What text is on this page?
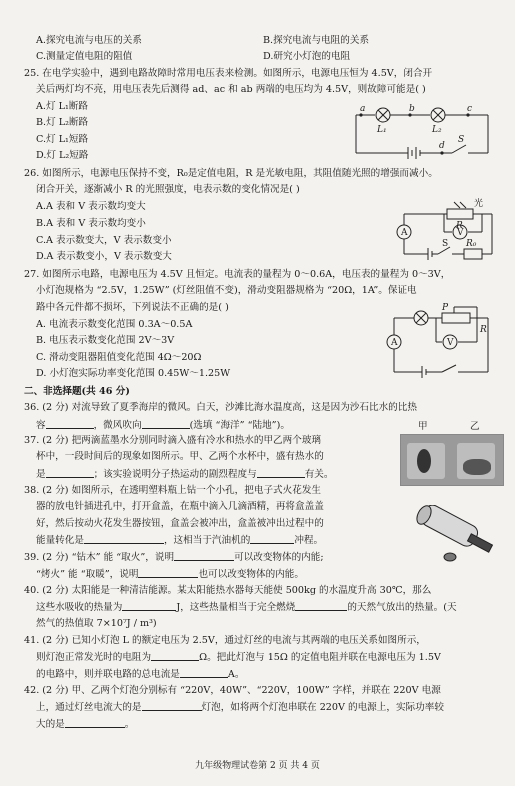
A.探究电流与电压的关系	B.探究电流与电阻的关系
C.测量定值电阻的阻值	D.研究小灯泡的电阻
25. 在电学实验中，遇到电路故障时常用电压表来检测。如图所示，电源电压恒为 4.5V，闭合开
关后两灯均不亮，用电压表先后测得 ad、ac 和 ab 两端的电压均为 4.5V，则故障可能是( )
A.灯 L₁断路
B.灯 L₂断路
C.灯 L₁短路
D.灯 L₂短路
a	b	c
d
S
L₁	L₂
26. 如图所示，电源电压保持不变，R₀是定值电阻，R 是光敏电阻，其阻值随光照的增强而减小。
闭合开关，逐渐减小 R 的光照强度，电表示数的变化情况是( )
A.A 表和 V 表示数均变大
B.A 表和 V 表示数均变小
C.A 表示数变大，V 表示数变小
D.A 表示数变小，V 表示数变大
光
R
A	V
S R₀
27. 如图所示电路，电源电压为 4.5V 且恒定。电流表的量程为 0～0.6A，电压表的量程为 0～3V，
小灯泡规格为 “2.5V，1.25W” (灯丝阻值不变)，滑动变阻器规格为 “20Ω，1A”。保证电
路中各元件都不损坏，下列说法不正确的是( )
A. 电流表示数变化范围 0.3A～0.5A
B. 电压表示数变化范围 2V～3V
C. 滑动变阻器阻值变化范围 4Ω～20Ω
D. 小灯泡实际功率变化范围 0.45W～1.25W
P
R
A	V
二、非选择题(共 46 分)
36. (2 分) 对流导致了夏季海岸的微风。白天，沙滩比海水温度高，这是因为沙石比水的比热
容	，微风吹向	(选填 “海洋” “陆地”)。
37. (2 分) 把两滴蓝墨水分别同时滴入盛有冷水和热水的甲乙两个玻璃
杯中，一段时间后的现象如图所示。甲、乙两个水杯中，盛有热水的
是	；该实验说明分子热运动的剧烈程度与	有关。
甲	乙
38. (2 分) 如图所示，在透明塑料瓶上钻一个小孔，把电子式火花发生
器的放电针插进孔中，打开盒盖，在瓶中滴入几滴酒精，再将盒盖盖
好，然后按动火花发生器按钮，盒盖会被冲出，盒盖被冲出过程中的
能量转化是	，这相当于汽油机的	冲程。
39. (2 分) “钻木” 能 “取火”，说明	可以改变物体的内能;
“烤火” 能 “取暖”，说明	也可以改变物体的内能。
40. (2 分) 太阳能是一种清洁能源。某太阳能热水器每天能使 500kg 的水温度升高 30℃，那么
这些水吸收的热量为	J，这些热量相当于完全燃烧	的天然气放出的热量。(天
然气的热值取 7×10⁷J / m³)
41. (2 分) 已知小灯泡 L 的额定电压为 2.5V，通过灯丝的电流与其两端的电压关系如图所示，
则灯泡正常发光时的电阻为	Ω。把此灯泡与 15Ω 的定值电阻并联在电源电压为 1.5V
的电路中，则并联电路的总电流是	A。
42. (2 分) 甲、乙两个灯泡分别标有 “220V，40W”、“220V，100W” 字样，并联在 220V 电源
上，通过灯丝电流大的是	灯泡，如将两个灯泡串联在 220V 的电源上，实际功率较
大的是	。
九年级物理试卷第 2 页 共 4 页
